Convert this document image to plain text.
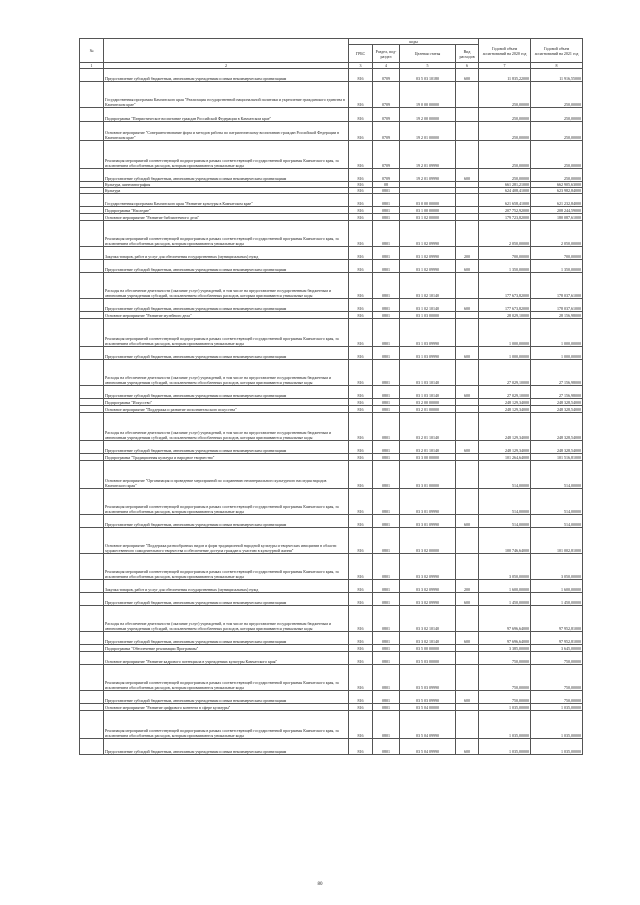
№		коды				Годовой объем ассигнований на 2020 год	Годовой объем ассигнований на 2021 год
		ГРБС	Раздел, под-раздел	Целевая статья	Вид расходов		
1	2	3	4	5	6	7	8
	Предоставление субсидий бюджетным, автономным учреждениям и иным некоммерческим организациям	816	0709	03 5 03 10180	600	11 835,22000	11 916,55000
	Государственная программа Камчатского края "Реализация государственной национальной политики и укрепление гражданского единства в Камчатском крае"	816	0709	19 0 00 00000		250,00000	250,00000
	Подпрограмма "Патриотическое воспитание граждан Российской Федерации в Камчатском крае"	816	0709	19 2 00 00000		250,00000	250,00000
	Основное мероприятие "Совершенствование форм и методов работы по патриотическому воспитанию граждан Российской Федерации в Камчатском крае"	816	0709	19 2 01 00000		250,00000	250,00000
	Реализация мероприятий соответствующей подпрограммы в рамках соответствующей государственной программы Камчатского края, за исключением обособленных расходов, которым присваиваются уникальные коды	816	0709	19 2 01 09990		250,00000	250,00000
	Предоставление субсидий бюджетным, автономным учреждениям и иным некоммерческим организациям	816	0709	19 2 01 09990	600	250,00000	250,00000
	Культура, кинематография	816	08			661 281,21000	662 905,63000
	Культура	816	0801			624 408,41000	623 982,84000
	Государственная программа Камчатского края "Развитие культуры в Камчатском крае"	816	0801	03 0 00 00000		621 658,41000	621 232,84000
	Подпрограмма "Наследие"	816	0801	03 1 00 00000		207 752,92000	208 244,59000
	Основное мероприятие "Развитие библиотечного дела"	816	0801	03 1 02 00000		179 723,82000	180 087,61000
	Реализация мероприятий соответствующей подпрограммы в рамках соответствующей государственной программы Камчатского края, за исключением обособленных расходов, которым присваиваются уникальные коды	816	0801	03 1 02 09990		2 050,00000	2 050,00000
	Закупка товаров, работ и услуг для обеспечения государственных (муниципальных) нужд	816	0801	03 1 02 09990	200	700,00000	700,00000
	Предоставление субсидий бюджетным, автономным учреждениям и иным некоммерческим организациям	816	0801	03 1 02 09990	600	1 350,00000	1 350,00000
	Расходы на обеспечение деятельности (оказание услуг) учреждений, в том числе на предоставление государственным бюджетным и автономным учреждениям субсидий, за исключением обособленных расходов, которым присваиваются уникальные коды	816	0801	03 1 02 10140		177 673,82000	178 037,61000
	Предоставление субсидий бюджетным, автономным учреждениям и иным некоммерческим организациям	816	0801	03 1 02 10140	600	177 673,82000	178 037,61000
	Основное мероприятие "Развитие музейного дела"	816	0801	03 1 03 00000		28 029,10000	28 156,98000
	Реализация мероприятий соответствующей подпрограммы в рамках соответствующей государственной программы Камчатского края, за исключением обособленных расходов, которым присваиваются уникальные коды	816	0801	03 1 03 09990		1 000,00000	1 000,00000
	Предоставление субсидий бюджетным, автономным учреждениям и иным некоммерческим организациям	816	0801	03 1 03 09990	600	1 000,00000	1 000,00000
	Расходы на обеспечение деятельности (оказание услуг) учреждений, в том числе на предоставление государственным бюджетным и автономным учреждениям субсидий, за исключением обособленных расходов, которым присваиваются уникальные коды	816	0801	03 1 03 10140		27 029,10000	27 156,98000
	Предоставление субсидий бюджетным, автономным учреждениям и иным некоммерческим организациям	816	0801	03 1 03 10140	600	27 029,10000	27 156,98000
	Подпрограмма "Искусство"	816	0801	03 2 00 00000		248 129,34000	248 328,54000
	Основное мероприятие "Поддержка и развитие исполнительского искусства"	816	0801	03 2 01 00000		248 129,34000	248 328,54000
	Расходы на обеспечение деятельности (оказание услуг) учреждений, в том числе на предоставление государственным бюджетным и автономным учреждениям субсидий, за исключением обособленных расходов, которым присваиваются уникальные коды	816	0801	03 2 01 10140		248 129,34000	248 328,54000
	Предоставление субсидий бюджетным, автономным учреждениям и иным некоммерческим организациям	816	0801	03 2 01 10140	600	248 129,34000	248 328,54000
	Подпрограмма "Традиционная культура и народное творчество"	816	0801	03 3 00 00000		101 264,64000	101 516,81000
	Основное мероприятие "Организация и проведение мероприятий по сохранению нематериального культурного наследия народов Камчатского края"	816	0801	03 3 01 00000		514,00000	514,00000
	Реализация мероприятий соответствующей подпрограммы в рамках соответствующей государственной программы Камчатского края, за исключением обособленных расходов, которым присваиваются уникальные коды	816	0801	03 3 01 09990		514,00000	514,00000
	Предоставление субсидий бюджетным, автономным учреждениям и иным некоммерческим организациям	816	0801	03 3 01 09990	600	514,00000	514,00000
	Основное мероприятие "Поддержка разнообразных видов и форм традиционной народной культуры и творческих инициатив в области художественного самодеятельного творчества и обеспечение доступа граждан к участию в культурной жизни"	816	0801	03 3 02 00000		100 746,64000	101 002,81000
	Реализация мероприятий соответствующей подпрограммы в рамках соответствующей государственной программы Камчатского края, за исключением обособленных расходов, которым присваиваются уникальные коды	816	0801	03 3 02 09990		3 050,00000	3 050,00000
	Закупка товаров, работ и услуг для обеспечения государственных (муниципальных) нужд	816	0801	03 3 02 09990	200	1 600,00000	1 600,00000
	Предоставление субсидий бюджетным, автономным учреждениям и иным некоммерческим организациям	816	0801	03 3 02 09990	600	1 450,00000	1 450,00000
	Расходы на обеспечение деятельности (оказание услуг) учреждений, в том числе на предоставление государственным бюджетным и автономным учреждениям субсидий, за исключением обособленных расходов, которым присваиваются уникальные коды	816	0801	03 3 02 10140		97 696,64000	97 952,81000
	Предоставление субсидий бюджетным, автономным учреждениям и иным некоммерческим организациям	816	0801	03 3 02 10140	600	97 696,64000	97 952,81000
	Подпрограмма "Обеспечение реализации Программы"	816	0801	03 5 00 00000		3 385,00000	3 645,00000
	Основное мероприятие "Развитие кадрового потенциала в учреждениях культуры Камчатского края"	816	0801	03 5 03 00000		750,00000	750,00000
	Реализация мероприятий соответствующей подпрограммы в рамках соответствующей государственной программы Камчатского края, за исключением обособленных расходов, которым присваиваются уникальные коды	816	0801	03 5 03 09990		750,00000	750,00000
	Предоставление субсидий бюджетным, автономным учреждениям и иным некоммерческим организациям	816	0801	03 5 03 09990	600	750,00000	750,00000
	Основное мероприятие "Развитие цифрового контента в сфере культуры"	816	0801	03 5 04 00000		1 035,00000	1 035,00000
	Реализация мероприятий соответствующей подпрограммы в рамках соответствующей государственной программы Камчатского края, за исключением обособленных расходов, которым присваиваются уникальные коды	816	0801	03 5 04 09990		1 035,00000	1 035,00000
	Предоставление субсидий бюджетным, автономным учреждениям и иным некоммерческим организациям	816	0801	03 5 04 09990	600	1 035,00000	1 035,00000
80
